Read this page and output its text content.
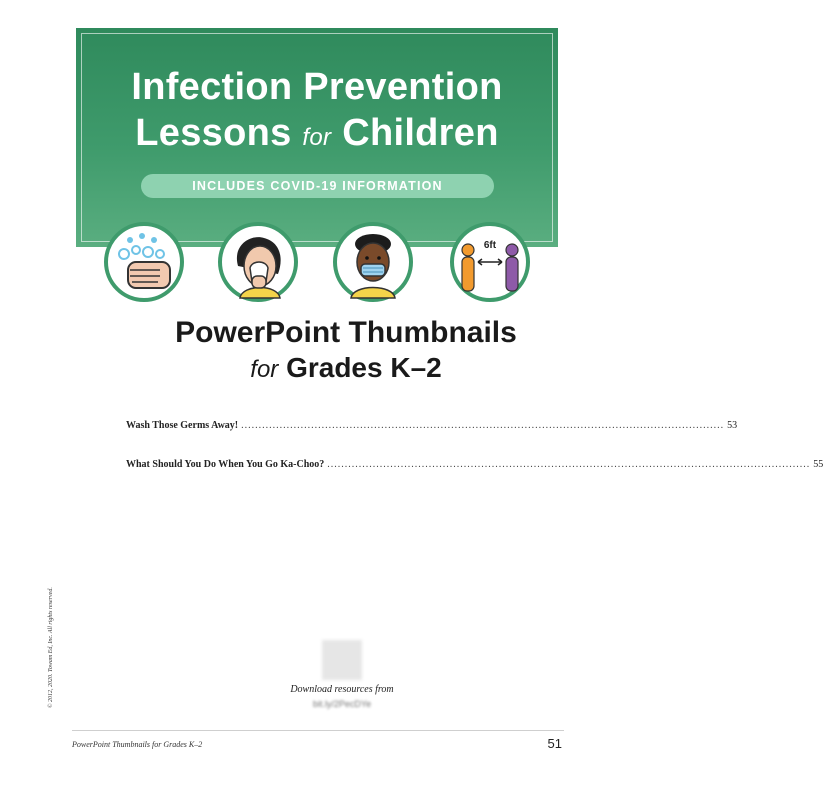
Infection Prevention
Lessons for Children
INCLUDES COVID-19 INFORMATION
6ft
PowerPoint Thumbnails
for Grades K–2
Wash Those Germs Away! .......................................................................................................................................... 53
What Should You Do When You Go Ka-Choo? .......................................................................................................................................... 55
© 2012, 2020. Towam Ed, Inc. All rights reserved.	Download resources from
bit.ly/2PecDYe
PowerPoint Thumbnails for Grades K–2	51
